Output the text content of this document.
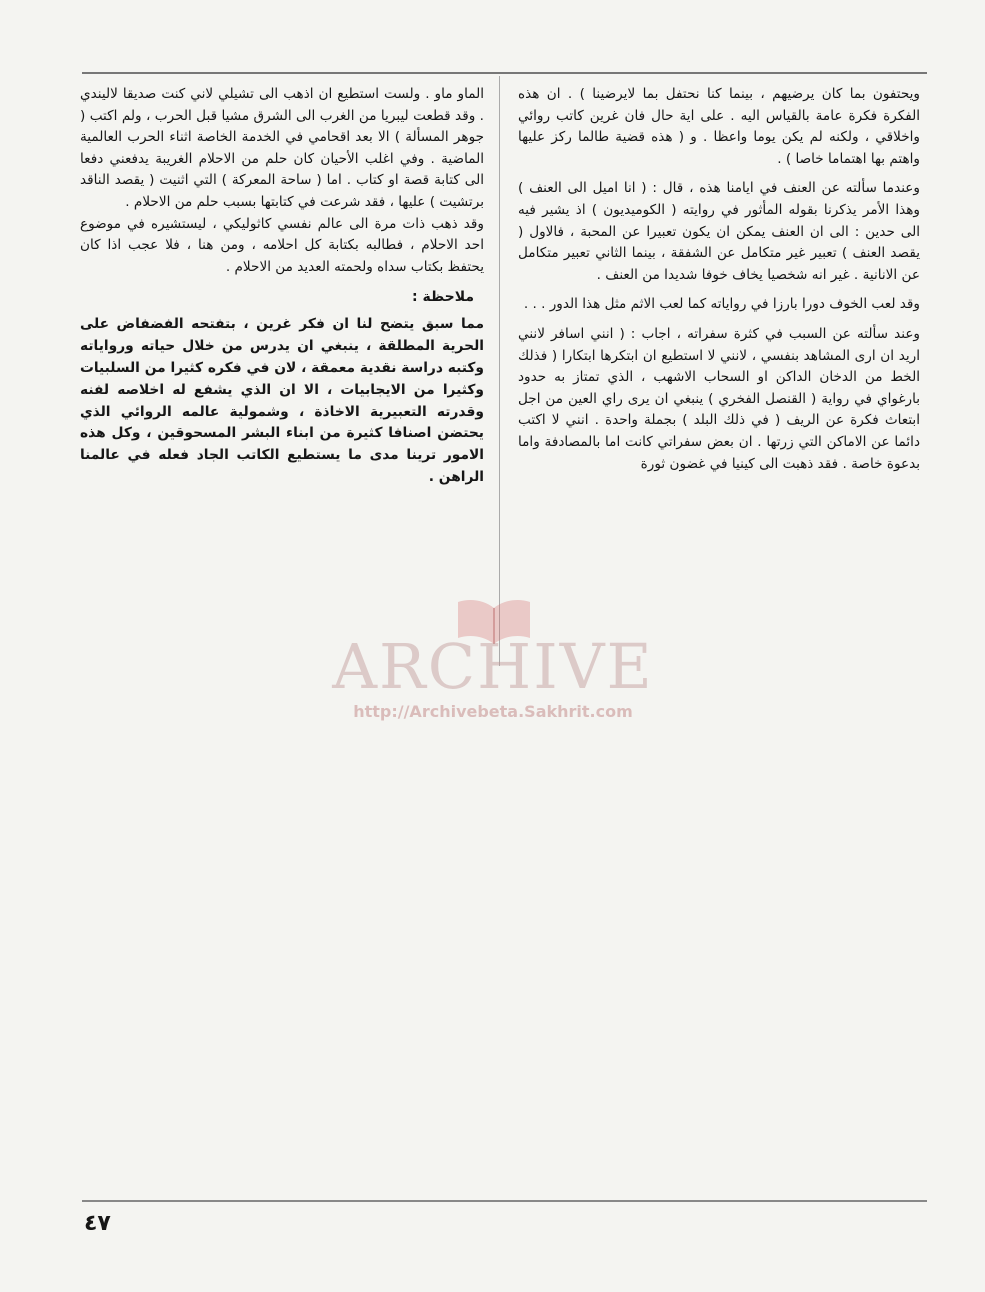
ويحتفون بما كان يرضيهم ، بينما كنا نحتفل بما لايرضينا ) . ان هذه الفكرة فكرة عامة بالقياس اليه . على اية حال فان غرين كاتب روائي واخلاقي ، ولكنه لم يكن يوما واعظا . و ( هذه قضية طالما ركز عليها واهتم بها اهتماما خاصا ) .

وعندما سألته عن العنف في ايامنا هذه ، قال : ( انا اميل الى العنف ) وهذا الأمر يذكرنا بقوله المأثور في روايته ( الكوميديون ) اذ يشير فيه الى حدين : الى ان العنف يمكن ان يكون تعبيرا عن المحبة ، فالاول ( يقصد العنف ) تعبير غير متكامل عن الشفقة ، بينما الثاني تعبير متكامل عن الانانية . غير انه شخصيا يخاف خوفا شديدا من العنف .

وقد لعب الخوف دورا بارزا في رواياته كما لعب الاثم مثل هذا الدور . . .

وعند سألته عن السبب في كثرة سفراته ، اجاب : ( انني اسافر لانني اريد ان ارى المشاهد بنفسي ، لانني لا استطيع ان ابتكرها ابتكارا ( فذلك الخط من الدخان الداكن او السحاب الاشهب ، الذي تمتاز به حدود بارغواي في رواية ( القنصل الفخري ) ينبغي ان يرى راي العين من اجل ابتعاث فكرة عن الريف ( في ذلك البلد ) بجملة واحدة . انني لا اكتب دائما عن الاماكن التي زرتها . ان بعض سفراتي كانت اما بالمصادفة واما بدعوة خاصة . فقد ذهبت الى كينيا في غضون ثورة

الماو ماو . ولست استطيع ان اذهب الى تشيلي لاني كنت صديقا لاليندي . وقد قطعت ليبريا من الغرب الى الشرق مشيا قبل الحرب ، ولم اكتب ( جوهر المسألة ) الا بعد اقحامي في الخدمة الخاصة اثناء الحرب العالمية الماضية . وفي اغلب الأحيان كان حلم من الاحلام الغريبة يدفعني دفعا الى كتابة قصة او كتاب . اما ( ساحة المعركة ) التي اثنيت ( يقصد الناقد برتشيت ) عليها ، فقد شرعت في كتابتها بسبب حلم من الاحلام .

وقد ذهب ذات مرة الى عالم نفسي كاثوليكي ، ليستشيره في موضوع احد الاحلام ، فطالبه بكتابة كل احلامه ، ومن هنا ، فلا عجب اذا كان يحتفظ بكتاب سداه ولحمته العديد من الاحلام .

ملاحظة :

مما سبق يتضح لنا ان فكر غرين ، بتفتحه الفضفاض على الحرية المطلقة ، ينبغي ان يدرس من خلال حياته ورواياته وكتبه دراسة نقدية معمقة ، لان في فكره كثيرا من السلبيات وكثيرا من الايجابيات ، الا ان الذي يشفع له اخلاصه لفنه وقدرته التعبيرية الاخاذة ، وشمولية عالمه الروائي الذي يحتضن اصنافا كثيرة من ابناء البشر المسحوقين ، وكل هذه الامور ترينا مدى ما يستطيع الكاتب الجاد فعله في عالمنا الراهن .

ARCHIVE
http://Archivebeta.Sakhrit.com
٤٧
